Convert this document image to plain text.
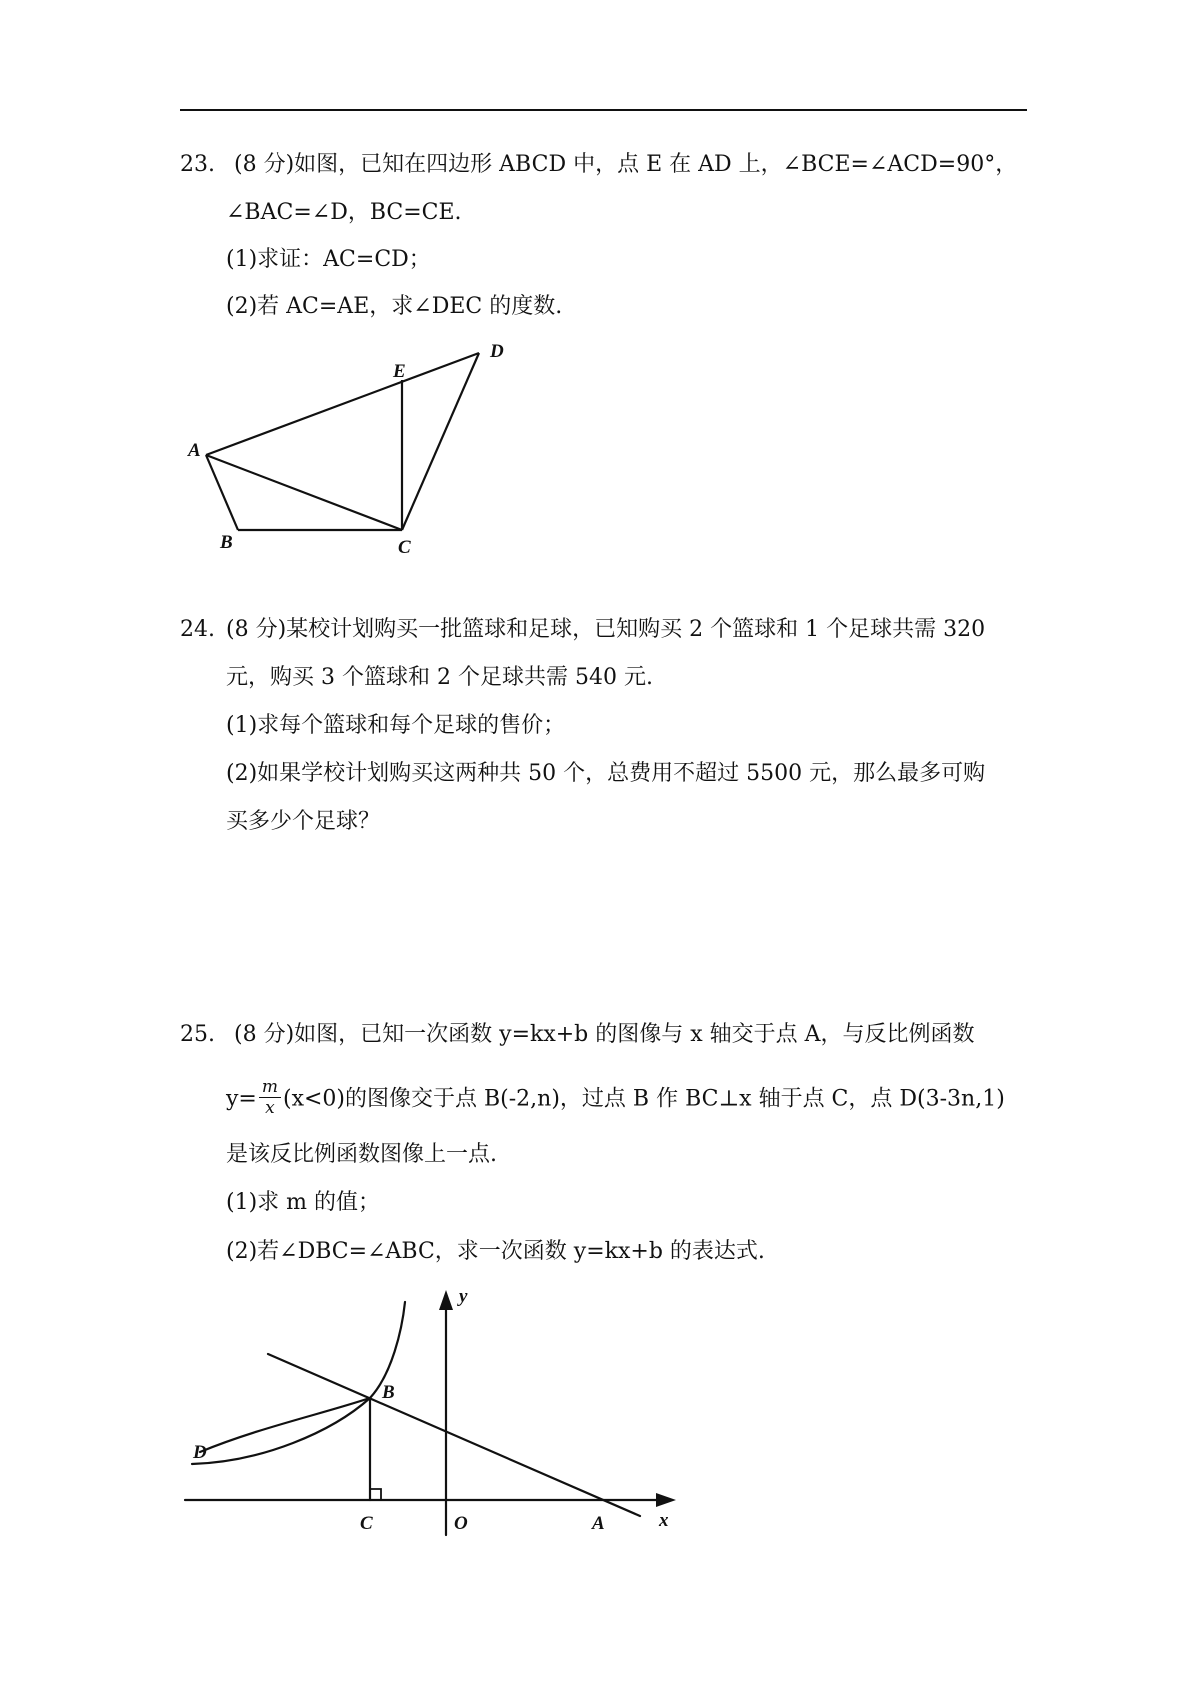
23. (8 分)如图，已知在四边形 ABCD 中，点 E 在 AD 上，∠BCE=∠ACD=90°，
∠BAC=∠D，BC=CE.
(1)求证：AC=CD；
(2)若 AC=AE，求∠DEC 的度数.
A
B	C
D
E
24. (8 分)某校计划购买一批篮球和足球，已知购买 2 个篮球和 1 个足球共需 320
元，购买 3 个篮球和 2 个足球共需 540 元.
(1)求每个篮球和每个足球的售价；
(2)如果学校计划购买这两种共 50 个，总费用不超过 5500 元，那么最多可购
买多少个足球？
25. (8 分)如图，已知一次函数 y=kx+b 的图像与 x 轴交于点 A，与反比例函数
$y= \frac{m}{x} (x<0)$的图像交于点 B(-2,n)，过点 B 作 BC⊥x 轴于点 C，点 D(3-3n,1)
是该反比例函数图像上一点.
(1)求 m 的值；
(2)若∠DBC=∠ABC，求一次函数 y=kx+b 的表达式.
y
x
B
D
C	O	A
